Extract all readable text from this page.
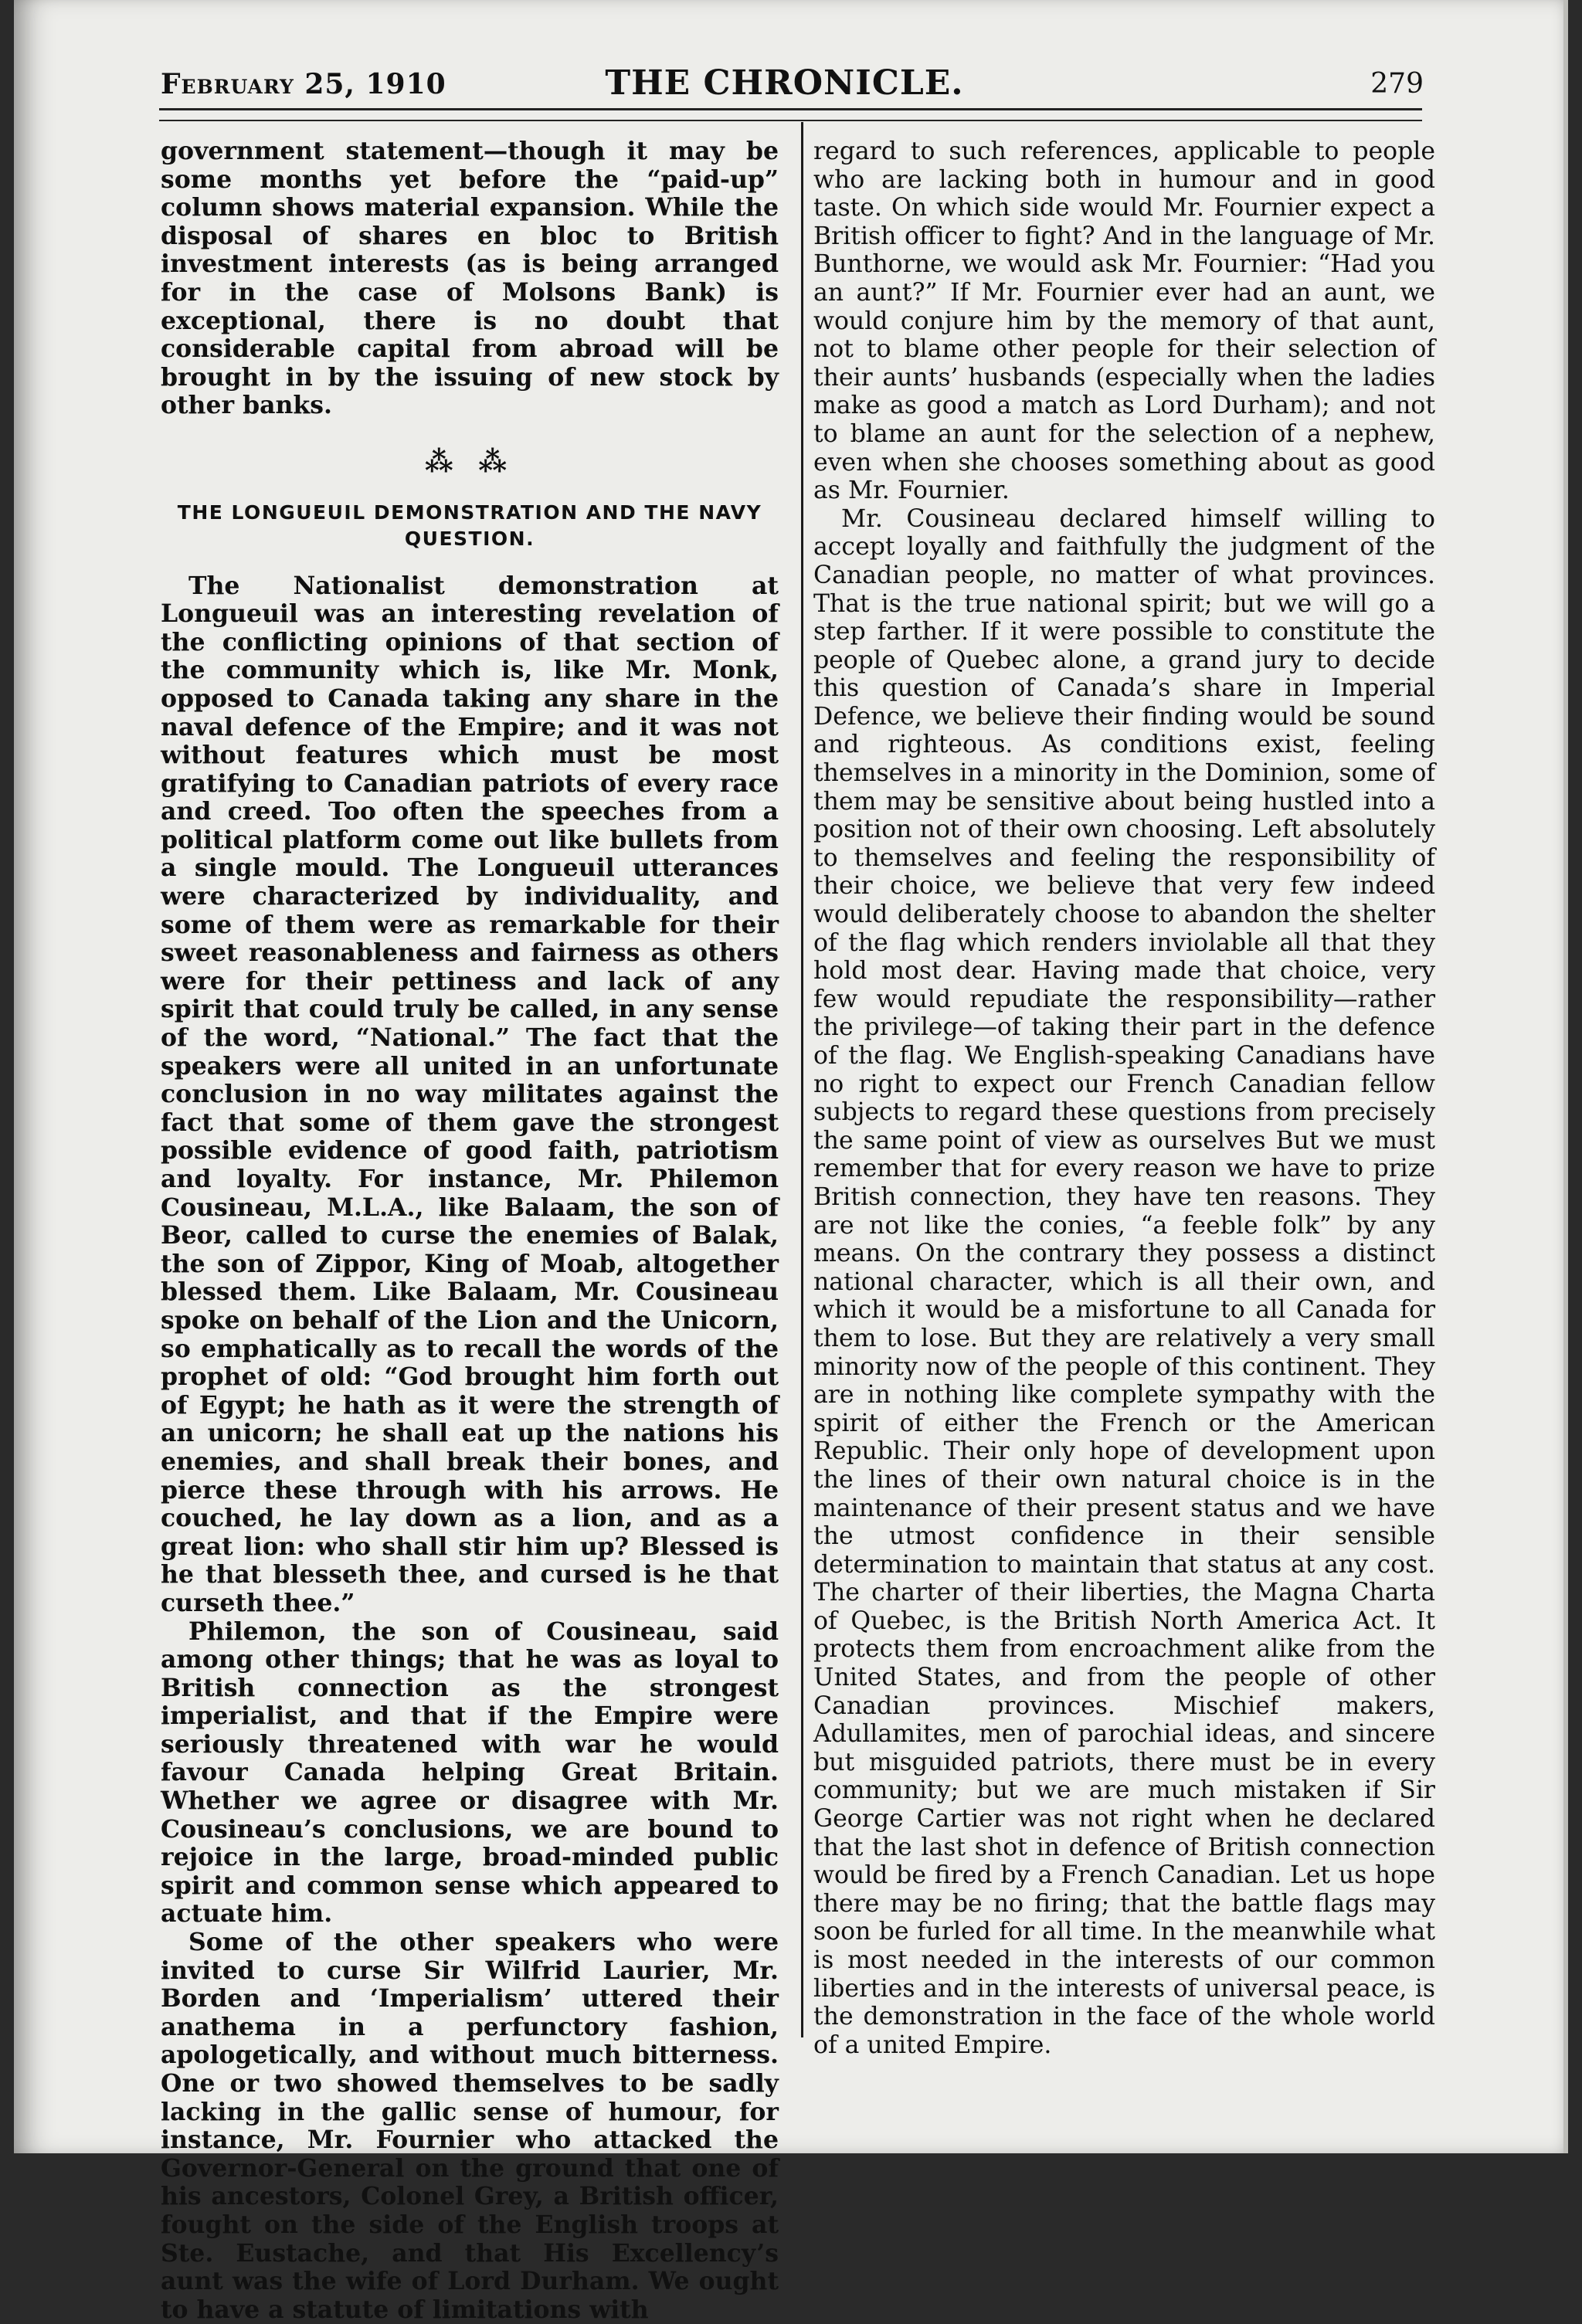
February 25, 1910	THE CHRONICLE.	279

government statement—though it may be some months yet before the “paid-up” column shows material expansion. While the disposal of shares en bloc to British investment interests (as is being arranged for in the case of Molsons Bank) is exceptional, there is no doubt that considerable capital from abroad will be brought in by the issuing of new stock by other banks.

⁂ ⁂
THE LONGUEUIL DEMONSTRATION AND THE NAVY QUESTION.

The Nationalist demonstration at Longueuil was an interesting revelation of the conflicting opinions of that section of the community which is, like Mr. Monk, opposed to Canada taking any share in the naval defence of the Empire; and it was not without features which must be most gratifying to Canadian patriots of every race and creed. Too often the speeches from a political platform come out like bullets from a single mould. The Longueuil utterances were characterized by individuality, and some of them were as remarkable for their sweet reasonableness and fairness as others were for their pettiness and lack of any spirit that could truly be called, in any sense of the word, “National.” The fact that the speakers were all united in an unfortunate conclusion in no way militates against the fact that some of them gave the strongest possible evidence of good faith, patriotism and loyalty. For instance, Mr. Philemon Cousineau, M.L.A., like Balaam, the son of Beor, called to curse the enemies of Balak, the son of Zippor, King of Moab, altogether blessed them. Like Balaam, Mr. Cousineau spoke on behalf of the Lion and the Unicorn, so emphatically as to recall the words of the prophet of old: “God brought him forth out of Egypt; he hath as it were the strength of an unicorn; he shall eat up the nations his enemies, and shall break their bones, and pierce these through with his arrows. He couched, he lay down as a lion, and as a great lion: who shall stir him up? Blessed is he that blesseth thee, and cursed is he that curseth thee.”

Philemon, the son of Cousineau, said among other things; that he was as loyal to British connection as the strongest imperialist, and that if the Empire were seriously threatened with war he would favour Canada helping Great Britain. Whether we agree or disagree with Mr. Cousineau’s conclusions, we are bound to rejoice in the large, broad-minded public spirit and common sense which appeared to actuate him.

Some of the other speakers who were invited to curse Sir Wilfrid Laurier, Mr. Borden and ‘Imperialism’ uttered their anathema in a perfunctory fashion, apologetically, and without much bitterness. One or two showed themselves to be sadly lacking in the gallic sense of humour, for instance, Mr. Fournier who attacked the Governor-General on the ground that one of his ancestors, Colonel Grey, a British officer, fought on the side of the English troops at Ste. Eustache, and that His Excellency’s aunt was the wife of Lord Durham. We ought to have a statute of limitations with

regard to such references, applicable to people who are lacking both in humour and in good taste. On which side would Mr. Fournier expect a British officer to fight? And in the language of Mr. Bunthorne, we would ask Mr. Fournier: “Had you an aunt?” If Mr. Fournier ever had an aunt, we would conjure him by the memory of that aunt, not to blame other people for their selection of their aunts’ husbands (especially when the ladies make as good a match as Lord Durham); and not to blame an aunt for the selection of a nephew, even when she chooses something about as good as Mr. Fournier.

Mr. Cousineau declared himself willing to accept loyally and faithfully the judgment of the Canadian people, no matter of what provinces. That is the true national spirit; but we will go a step farther. If it were possible to constitute the people of Quebec alone, a grand jury to decide this question of Canada’s share in Imperial Defence, we believe their finding would be sound and righteous. As conditions exist, feeling themselves in a minority in the Dominion, some of them may be sensitive about being hustled into a position not of their own choosing. Left absolutely to themselves and feeling the responsibility of their choice, we believe that very few indeed would deliberately choose to abandon the shelter of the flag which renders inviolable all that they hold most dear. Having made that choice, very few would repudiate the responsibility—rather the privilege—of taking their part in the defence of the flag. We English-speaking Canadians have no right to expect our French Canadian fellow subjects to regard these questions from precisely the same point of view as ourselves But we must remember that for every reason we have to prize British connection, they have ten reasons. They are not like the conies, “a feeble folk” by any means. On the contrary they possess a distinct national character, which is all their own, and which it would be a misfortune to all Canada for them to lose. But they are relatively a very small minority now of the people of this continent. They are in nothing like complete sympathy with the spirit of either the French or the American Republic. Their only hope of development upon the lines of their own natural choice is in the maintenance of their present status and we have the utmost confidence in their sensible determination to maintain that status at any cost. The charter of their liberties, the Magna Charta of Quebec, is the British North America Act. It protects them from encroachment alike from the United States, and from the people of other Canadian provinces. Mischief makers, Adullamites, men of parochial ideas, and sincere but misguided patriots, there must be in every community; but we are much mistaken if Sir George Cartier was not right when he declared that the last shot in defence of British connection would be fired by a French Canadian. Let us hope there may be no firing; that the battle flags may soon be furled for all time. In the meanwhile what is most needed in the interests of our common liberties and in the interests of universal peace, is the demonstration in the face of the whole world of a united Empire.
